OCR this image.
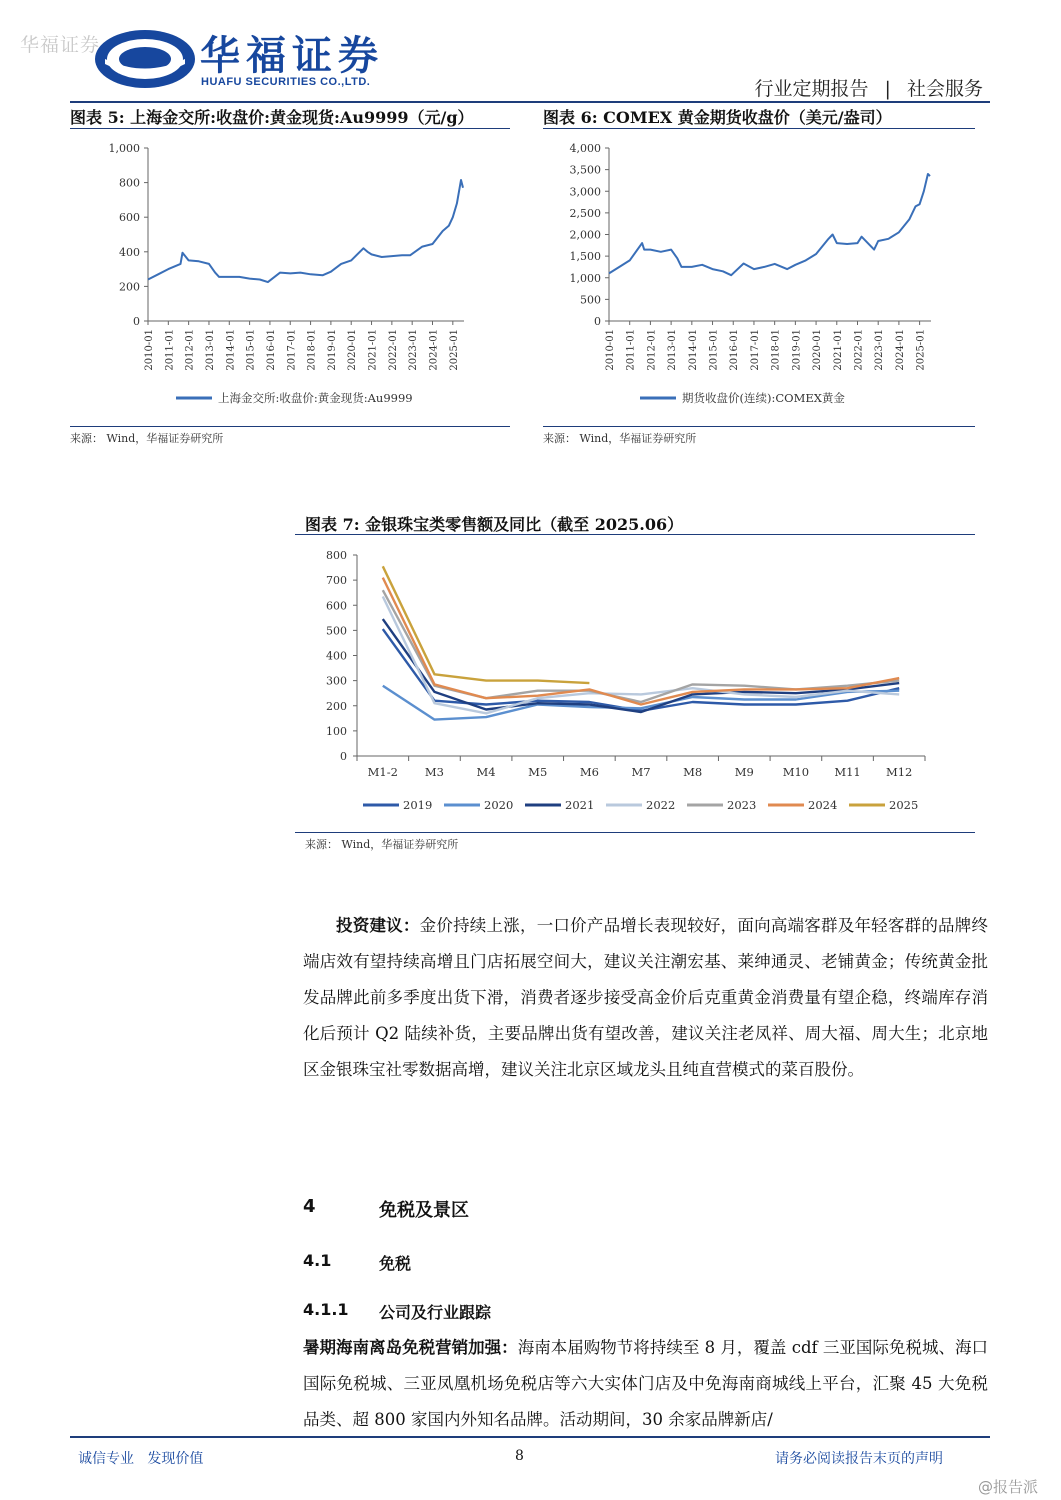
华福证券 华福证券
HUAFU SECURITIES CO.,LTD.	行业定期报告 | 社会服务
图表 5: 上海金交所:收盘价:黄金现货:Au9999（元/g）
0
200
400
600
800
1,000
2010-01 2011-01 2012-01 2013-01 2014-01 2015-01 2016-01 2017-01 2018-01 2019-01 2020-01 2021-01 2022-01 2023-01 2024-01 2025-01
上海金交所:收盘价:黄金现货:Au9999
来源： Wind，华福证券研究所
图表 6: COMEX 黄金期货收盘价（美元/盎司）
0
500
1,000
1,500
2,000
2,500
3,000
3,500
4,000
2010-01 2011-01 2012-01 2013-01 2014-01 2015-01 2016-01 2017-01 2018-01 2019-01 2020-01 2021-01 2022-01 2023-01 2024-01 2025-01
期货收盘价(连续):COMEX黄金
来源： Wind，华福证券研究所
图表 7: 金银珠宝类零售额及同比（截至 2025.06）
0
100
200
300
400
500
600
700
800
M1-2 M3	M4	M5	M6	M7	M8	M9	M10 M11 M12
2019	2020	2021	2022	2023	2024	2025
来源： Wind，华福证券研究所
投资建议：金价持续上涨，一口价产品增长表现较好，面向高端客群及年轻客群的品牌终端店效有望持续高增且门店拓展空间大，建议关注潮宏基、莱绅通灵、老铺黄金；传统黄金批发品牌此前多季度出货下滑，消费者逐步接受高金价后克重黄金消费量有望企稳，终端库存消化后预计 Q2 陆续补货，主要品牌出货有望改善，建议关注老凤祥、周大福、周大生；北京地区金银珠宝社零数据高增，建议关注北京区域龙头且纯直营模式的菜百股份。
4	免税及景区
4.1	免税
4.1.1 公司及行业跟踪
暑期海南离岛免税营销加强：海南本届购物节将持续至 8 月，覆盖 cdf 三亚国际免税城、海口国际免税城、三亚凤凰机场免税店等六大实体门店及中免海南商城线上平台，汇聚 45 大免税品类、超 800 家国内外知名品牌。活动期间，30 余家品牌新店/
诚信专业   发现价值	8	请务必阅读报告末页的声明
@报告派
